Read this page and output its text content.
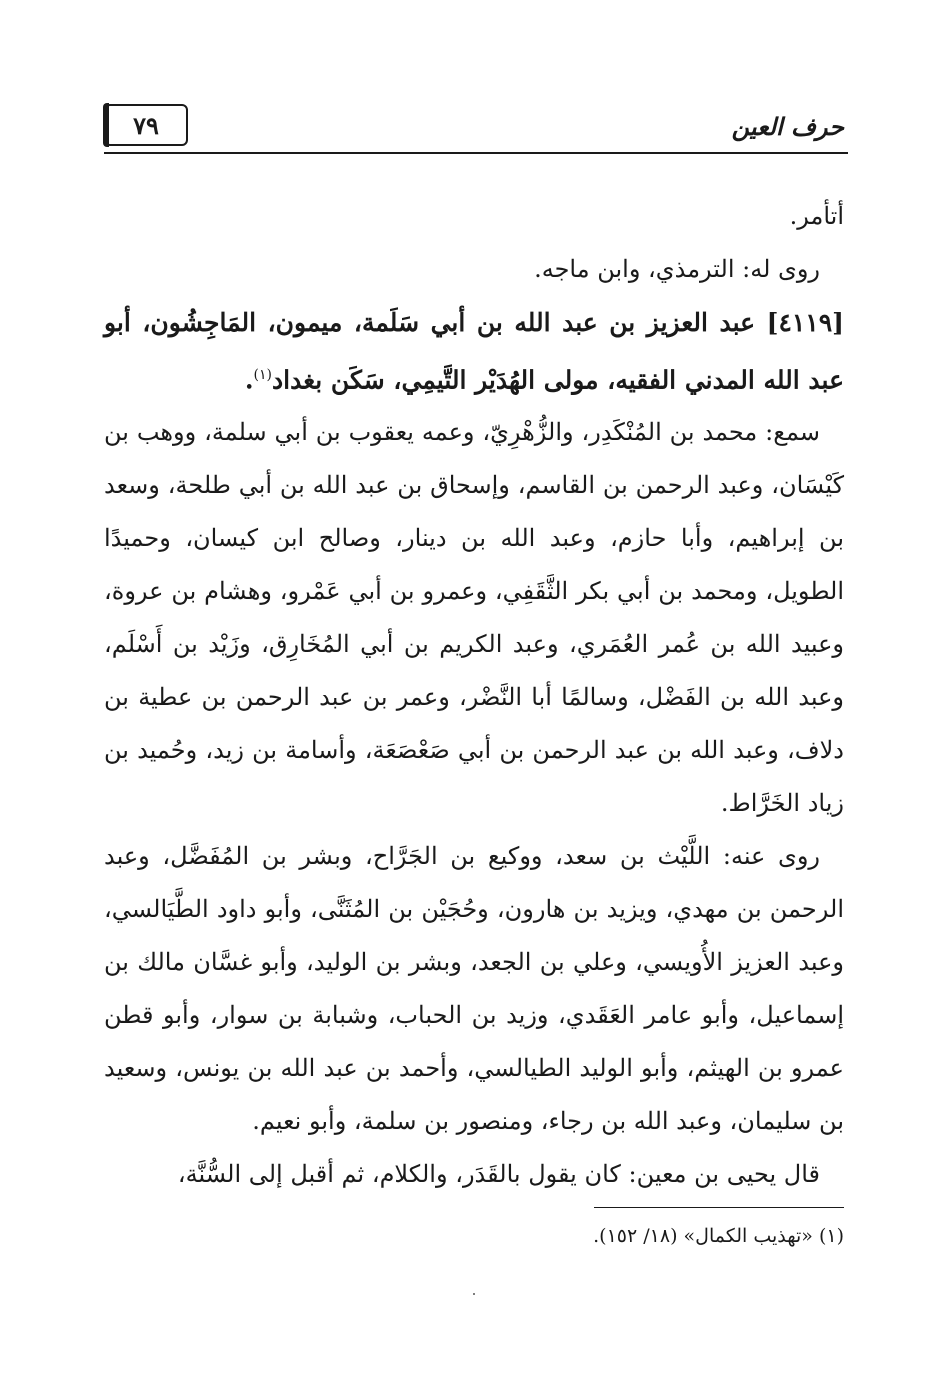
٧٩	حرف العين

أتأمر.

روى له: الترمذي، وابن ماجه.

[٤١١٩] عبد العزيز بن عبد الله بن أبي سَلَمة، ميمون، المَاجِشُون، أبو عبد الله المدني الفقيه، مولى الهُدَيْر التَّيمِي، سَكَن بغداد$^{(١)}$.

سمع: محمد بن المُنْكَدِر، والزُّهْرِيّ، وعمه يعقوب بن أبي سلمة، ووهب بن كَيْسَان، وعبد الرحمن بن القاسم، وإسحاق بن عبد الله بن أبي طلحة، وسعد بن إبراهيم، وأبا حازم، وعبد الله بن دينار، وصالح ابن كيسان، وحميدًا الطويل، ومحمد بن أبي بكر الثَّقَفِي، وعمرو بن أبي عَمْرو، وهشام بن عروة، وعبيد الله بن عُمر العُمَري، وعبد الكريم بن أبي المُخَارِق، وزَيْد بن أَسْلَم، وعبد الله بن الفَضْل، وسالمًا أبا النَّضْر، وعمر بن عبد الرحمن بن عطية بن دلاف، وعبد الله بن عبد الرحمن بن أبي صَعْصَعَة، وأسامة بن زيد، وحُميد بن زياد الخَرَّاط.

روى عنه: اللَّيْث بن سعد، ووكيع بن الجَرَّاح، وبشر بن المُفَضَّل، وعبد الرحمن بن مهدي، ويزيد بن هارون، وحُجَيْن بن المُثَنَّى، وأبو داود الطَّيَالسي، وعبد العزيز الأُويسي، وعلي بن الجعد، وبشر بن الوليد، وأبو غسَّان مالك بن إسماعيل، وأبو عامر العَقَدي، وزيد بن الحباب، وشبابة بن سوار، وأبو قطن عمرو بن الهيثم، وأبو الوليد الطيالسي، وأحمد بن عبد الله بن يونس، وسعيد بن سليمان، وعبد الله بن رجاء، ومنصور بن سلمة، وأبو نعيم.

قال يحيى بن معين: كان يقول بالقَدَر، والكلام، ثم أقبل إلى السُّنَّة،

(١) «تهذيب الكمال» (١٨/ ١٥٢).
